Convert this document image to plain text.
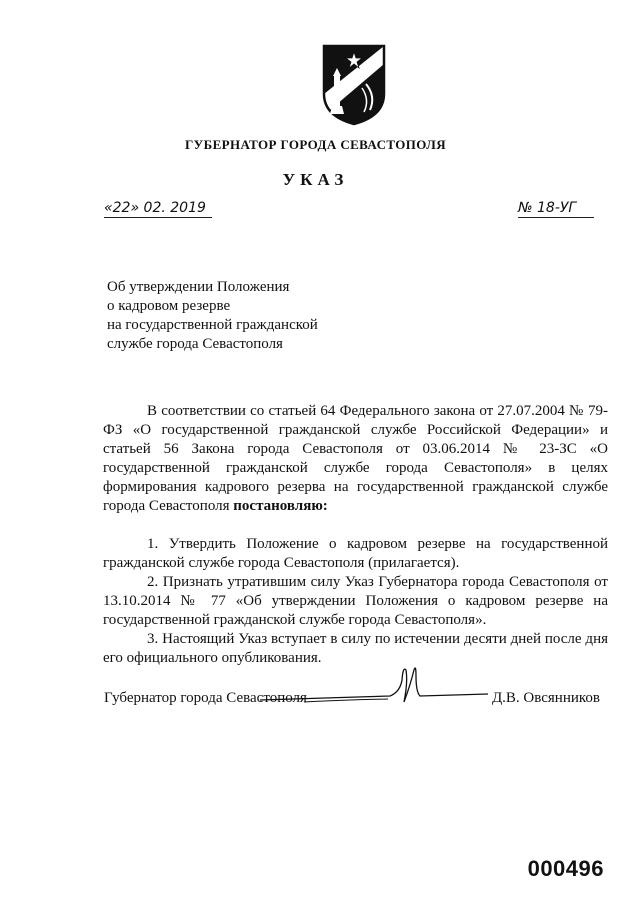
ГУБЕРНАТОР ГОРОДА СЕВАСТОПОЛЯ
УКАЗ
«22» 02. 2019	№ 18-УГ
Об утверждении Положения
о кадровом резерве
на государственной гражданской
службе города Севастополя

В соответствии со статьей 64 Федерального закона от 27.07.2004 № 79-ФЗ «О государственной гражданской службе Российской Федерации» и статьей 56 Закона города Севастополя от 03.06.2014 № 23-ЗС «О государственной гражданской службе города Севастополя» в целях формирования кадрового резерва на государственной гражданской службе города Севастополя постановляю:

1. Утвердить Положение о кадровом резерве на государственной гражданской службе города Севастополя (прилагается).

2. Признать утратившим силу Указ Губернатора города Севастополя от 13.10.2014 № 77 «Об утверждении Положения о кадровом резерве на государственной гражданской службе города Севастополя».

3. Настоящий Указ вступает в силу по истечении десяти дней после дня его официального опубликования.

Губернатор города Севастополя	Д.В. Овсянников
000496
